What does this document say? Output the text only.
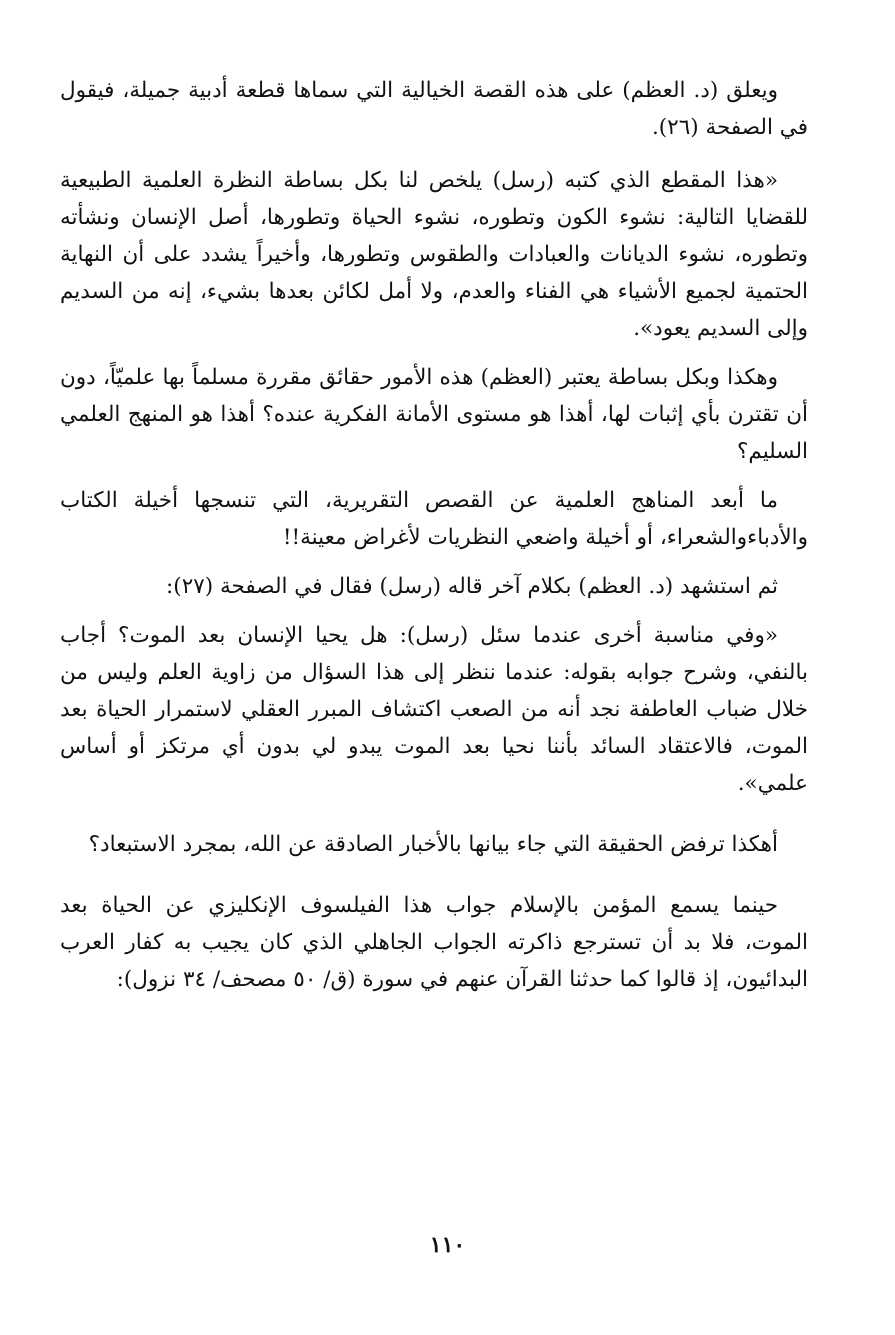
ويعلق (د. العظم) على هذه القصة الخيالية التي سماها قطعة أدبية جميلة، فيقول في الصفحة (٢٦).

«هذا المقطع الذي كتبه (رسل) يلخص لنا بكل بساطة النظرة العلمية الطبيعية للقضايا التالية: نشوء الكون وتطوره، نشوء الحياة وتطورها، أصل الإنسان ونشأته وتطوره، نشوء الديانات والعبادات والطقوس وتطورها، وأخيراً يشدد على أن النهاية الحتمية لجميع الأشياء هي الفناء والعدم، ولا أمل لكائن بعدها بشيء، إنه من السديم وإلى السديم يعود».

وهكذا وبكل بساطة يعتبر (العظم) هذه الأمور حقائق مقررة مسلماً بها علميّاً، دون أن تقترن بأي إثبات لها، أهذا هو مستوى الأمانة الفكرية عنده؟ أهذا هو المنهج العلمي السليم؟

ما أبعد المناهج العلمية عن القصص التقريرية، التي تنسجها أخيلة الكتاب والأدباءوالشعراء، أو أخيلة واضعي النظريات لأغراض معينة!!

ثم استشهد (د. العظم) بكلام آخر قاله (رسل) فقال في الصفحة (٢٧):

«وفي مناسبة أخرى عندما سئل (رسل): هل يحيا الإنسان بعد الموت؟ أجاب بالنفي، وشرح جوابه بقوله: عندما ننظر إلى هذا السؤال من زاوية العلم وليس من خلال ضباب العاطفة نجد أنه من الصعب اكتشاف المبرر العقلي لاستمرار الحياة بعد الموت، فالاعتقاد السائد بأننا نحيا بعد الموت يبدو لي بدون أي مرتكز أو أساس علمي».

أهكذا ترفض الحقيقة التي جاء بيانها بالأخبار الصادقة عن الله، بمجرد الاستبعاد؟

حينما يسمع المؤمن بالإسلام جواب هذا الفيلسوف الإنكليزي عن الحياة بعد الموت، فلا بد أن تسترجع ذاكرته الجواب الجاهلي الذي كان يجيب به كفار العرب البدائيون، إذ قالوا كما حدثنا القرآن عنهم في سورة (ق/ ٥٠ مصحف/ ٣٤ نزول):

١١٠
